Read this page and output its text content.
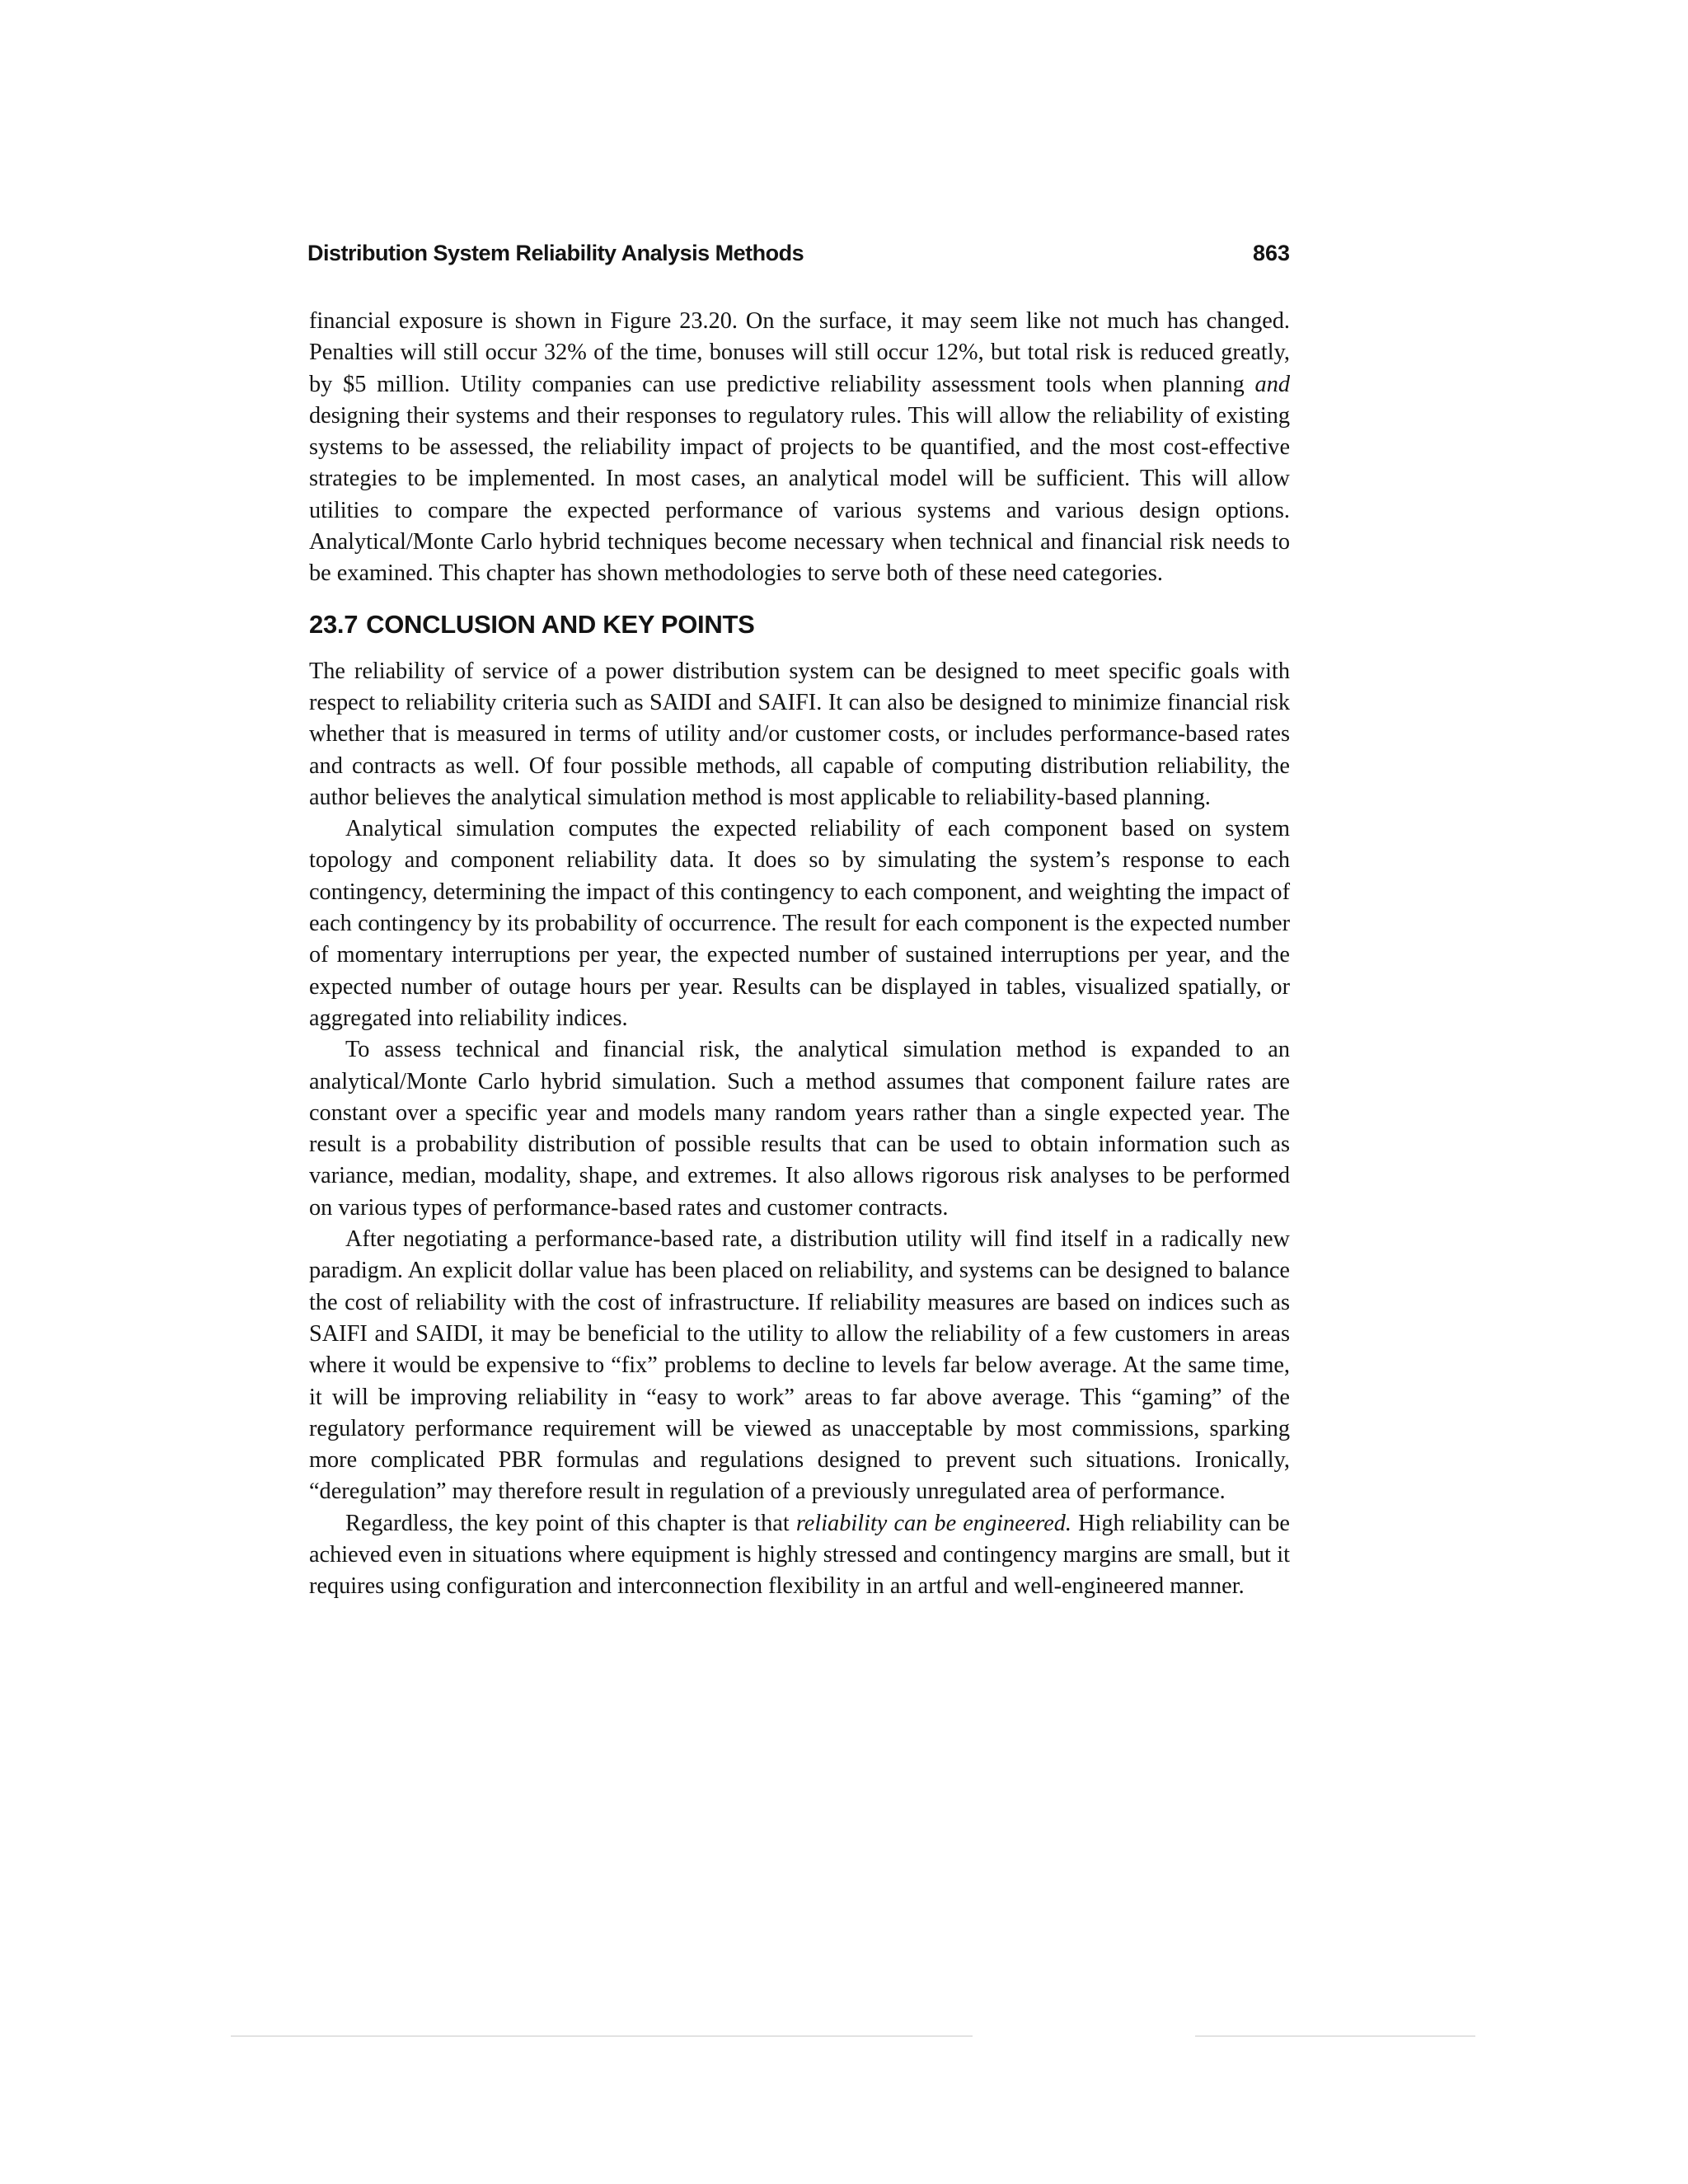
Distribution System Reliability Analysis Methods	863

financial exposure is shown in Figure 23.20. On the surface, it may seem like not much has changed. Penalties will still occur 32% of the time, bonuses will still occur 12%, but total risk is reduced greatly, by $5 million. Utility companies can use predictive reliability assessment tools when planning and designing their systems and their responses to regulatory rules. This will allow the reliability of existing systems to be assessed, the reliability impact of projects to be quantified, and the most cost-effective strategies to be implemented. In most cases, an analytical model will be sufficient. This will allow utilities to compare the expected performance of various systems and various design options. Analytical/Monte Carlo hybrid techniques become necessary when technical and financial risk needs to be examined. This chapter has shown methodologies to serve both of these need categories.

23.7 CONCLUSION AND KEY POINTS

The reliability of service of a power distribution system can be designed to meet specific goals with respect to reliability criteria such as SAIDI and SAIFI. It can also be designed to minimize financial risk whether that is measured in terms of utility and/or customer costs, or includes performance-based rates and contracts as well. Of four possible methods, all capable of computing distribution reliability, the author believes the analytical simulation method is most applicable to reliability-based planning.

Analytical simulation computes the expected reliability of each component based on system topology and component reliability data. It does so by simulating the system’s response to each contingency, determining the impact of this contingency to each component, and weighting the impact of each contingency by its probability of occurrence. The result for each component is the expected number of momentary interruptions per year, the expected number of sustained interruptions per year, and the expected number of outage hours per year. Results can be displayed in tables, visualized spatially, or aggregated into reliability indices.

To assess technical and financial risk, the analytical simulation method is expanded to an analytical/Monte Carlo hybrid simulation. Such a method assumes that component failure rates are constant over a specific year and models many random years rather than a single expected year. The result is a probability distribution of possible results that can be used to obtain information such as variance, median, modality, shape, and extremes. It also allows rigorous risk analyses to be performed on various types of performance-based rates and customer contracts.

After negotiating a performance-based rate, a distribution utility will find itself in a radically new paradigm. An explicit dollar value has been placed on reliability, and systems can be designed to balance the cost of reliability with the cost of infrastructure. If reliability measures are based on indices such as SAIFI and SAIDI, it may be beneficial to the utility to allow the reliability of a few customers in areas where it would be expensive to “fix” problems to decline to levels far below average. At the same time, it will be improving reliability in “easy to work” areas to far above average. This “gaming” of the regulatory performance requirement will be viewed as unacceptable by most commissions, sparking more complicated PBR formulas and regulations designed to prevent such situations. Ironically, “deregulation” may therefore result in regulation of a previously unregulated area of performance.

Regardless, the key point of this chapter is that reliability can be engineered. High reliability can be achieved even in situations where equipment is highly stressed and contingency margins are small, but it requires using configuration and interconnection flexibility in an artful and well-engineered manner.
